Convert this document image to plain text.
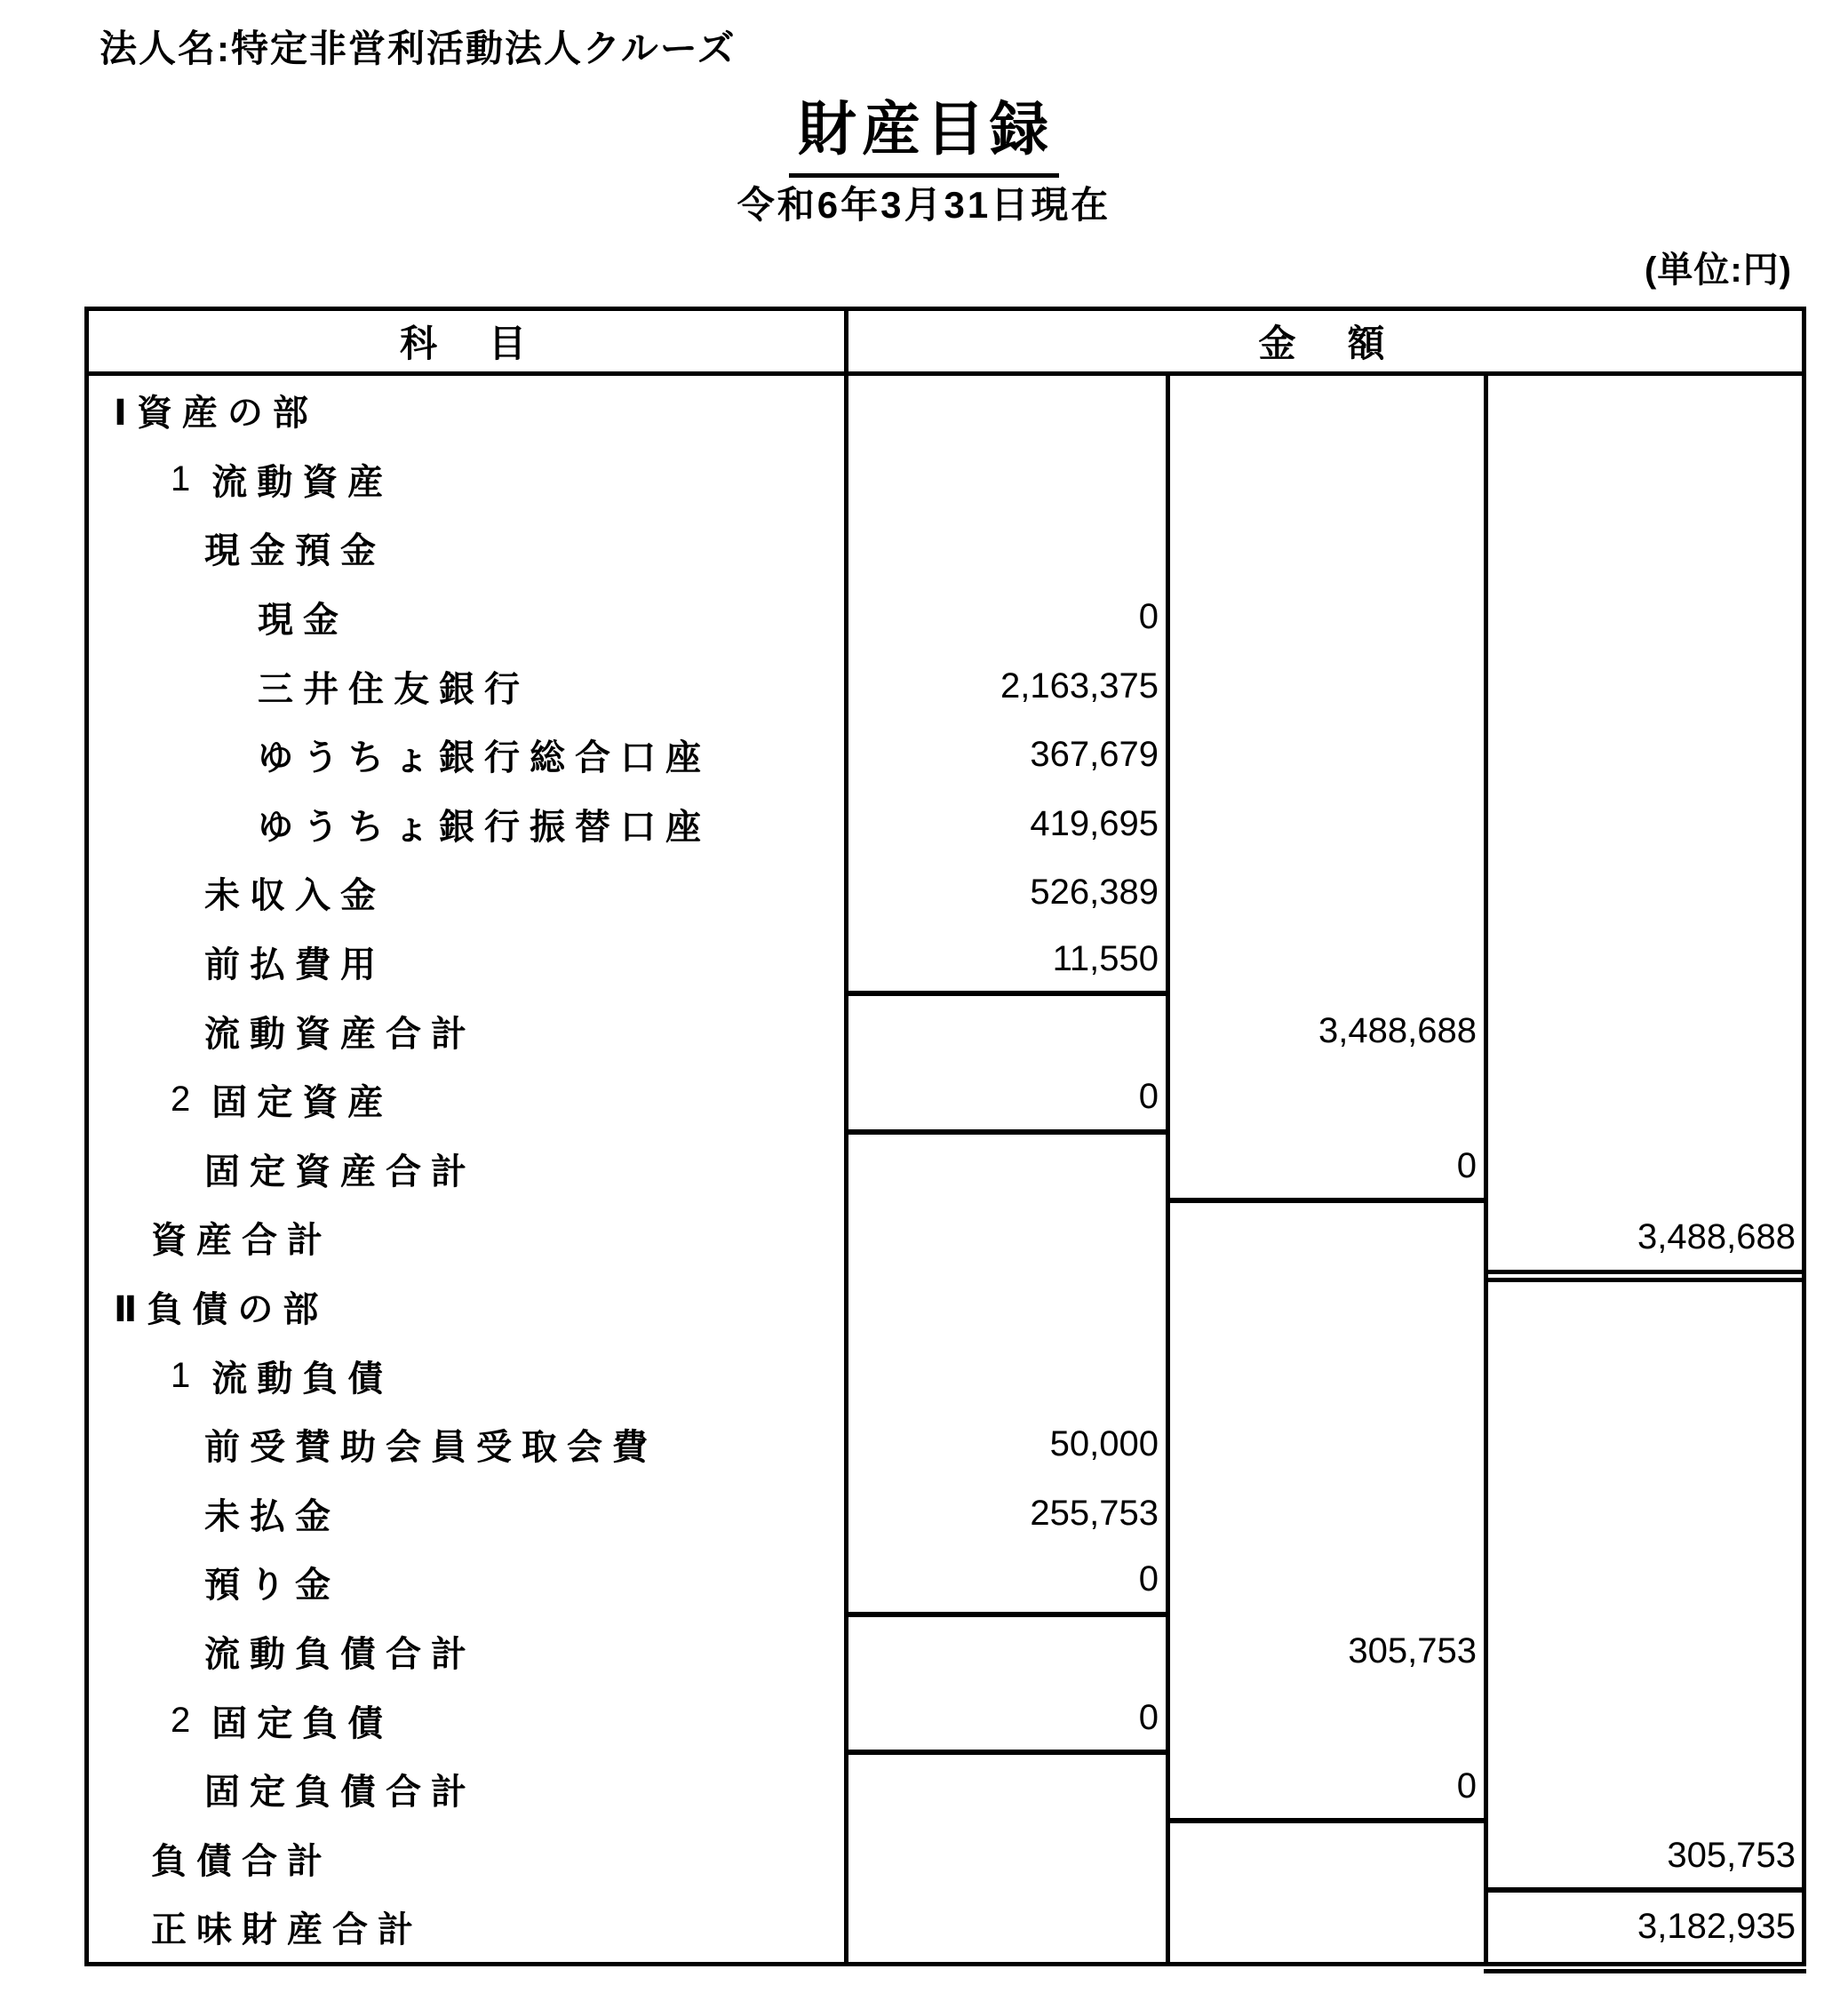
法人名:特定非営利活動法人クルーズ
財産目録
令和6年3月31日現在
(単位:円)
科　目	金　額
Ⅰ資産の部
1 流動資産
現金預金
現金	0
三井住友銀行	2,163,375
ゆうちょ銀行総合口座	367,679
ゆうちょ銀行振替口座	419,695
未収入金	526,389
前払費用	11,550
流動資産合計	3,488,688
2 固定資産	0
固定資産合計	0
資産合計	3,488,688
Ⅱ負債の部
1 流動負債
前受賛助会員受取会費	50,000
未払金	255,753
預り金	0
流動負債合計	305,753
2 固定負債	0
固定負債合計	0
負債合計	305,753
正味財産合計	3,182,935
